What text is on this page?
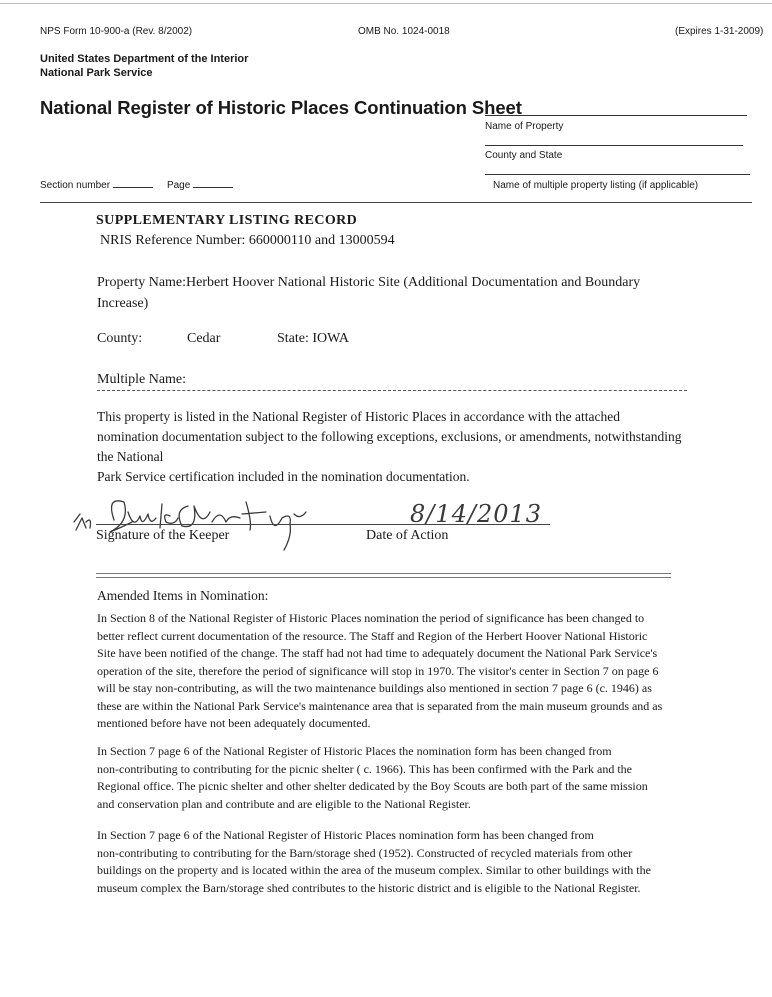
NPS Form 10-900-a (Rev. 8/2002)	OMB No. 1024-0018	(Expires 1-31-2009)
United States Department of the Interior
National Park Service
National Register of Historic Places Continuation Sheet
Name of Property
County and State
Name of multiple property listing (if applicable)
Section number	Page
SUPPLEMENTARY LISTING RECORD
NRIS Reference Number: 660000110 and 13000594
Property Name:Herbert Hoover National Historic Site (Additional Documentation and Boundary
Increase)
County:	Cedar	State: IOWA
Multiple Name:
This property is listed in the National Register of Historic Places in accordance with the attached
nomination documentation subject to the following exceptions, exclusions, or amendments, notwithstanding
the National
Park Service certification included in the nomination documentation.
8/14/2013
Signature of the Keeper	Date of Action
Amended Items in Nomination:
In Section 8 of the National Register of Historic Places nomination the period of significance has been changed to
better reflect current documentation of the resource. The Staff and Region of the Herbert Hoover National Historic
Site have been notified of the change. The staff had not had time to adequately document the National Park Service's
operation of the site, therefore the period of significance will stop in 1970. The visitor's center in Section 7 on page 6
will be stay non-contributing, as will the two maintenance buildings also mentioned in section 7 page 6 (c. 1946) as
these are within the National Park Service's maintenance area that is separated from the main museum grounds and as
mentioned before have not been adequately documented.
In Section 7 page 6 of the National Register of Historic Places the nomination form has been changed from
non-contributing to contributing for the picnic shelter ( c. 1966). This has been confirmed with the Park and the
Regional office. The picnic shelter and other shelter dedicated by the Boy Scouts are both part of the same mission
and conservation plan and contribute and are eligible to the National Register.
In Section 7 page 6 of the National Register of Historic Places nomination form has been changed from
non-contributing to contributing for the Barn/storage shed (1952). Constructed of recycled materials from other
buildings on the property and is located within the area of the museum complex. Similar to other buildings with the
museum complex the Barn/storage shed contributes to the historic district and is eligible to the National Register.
